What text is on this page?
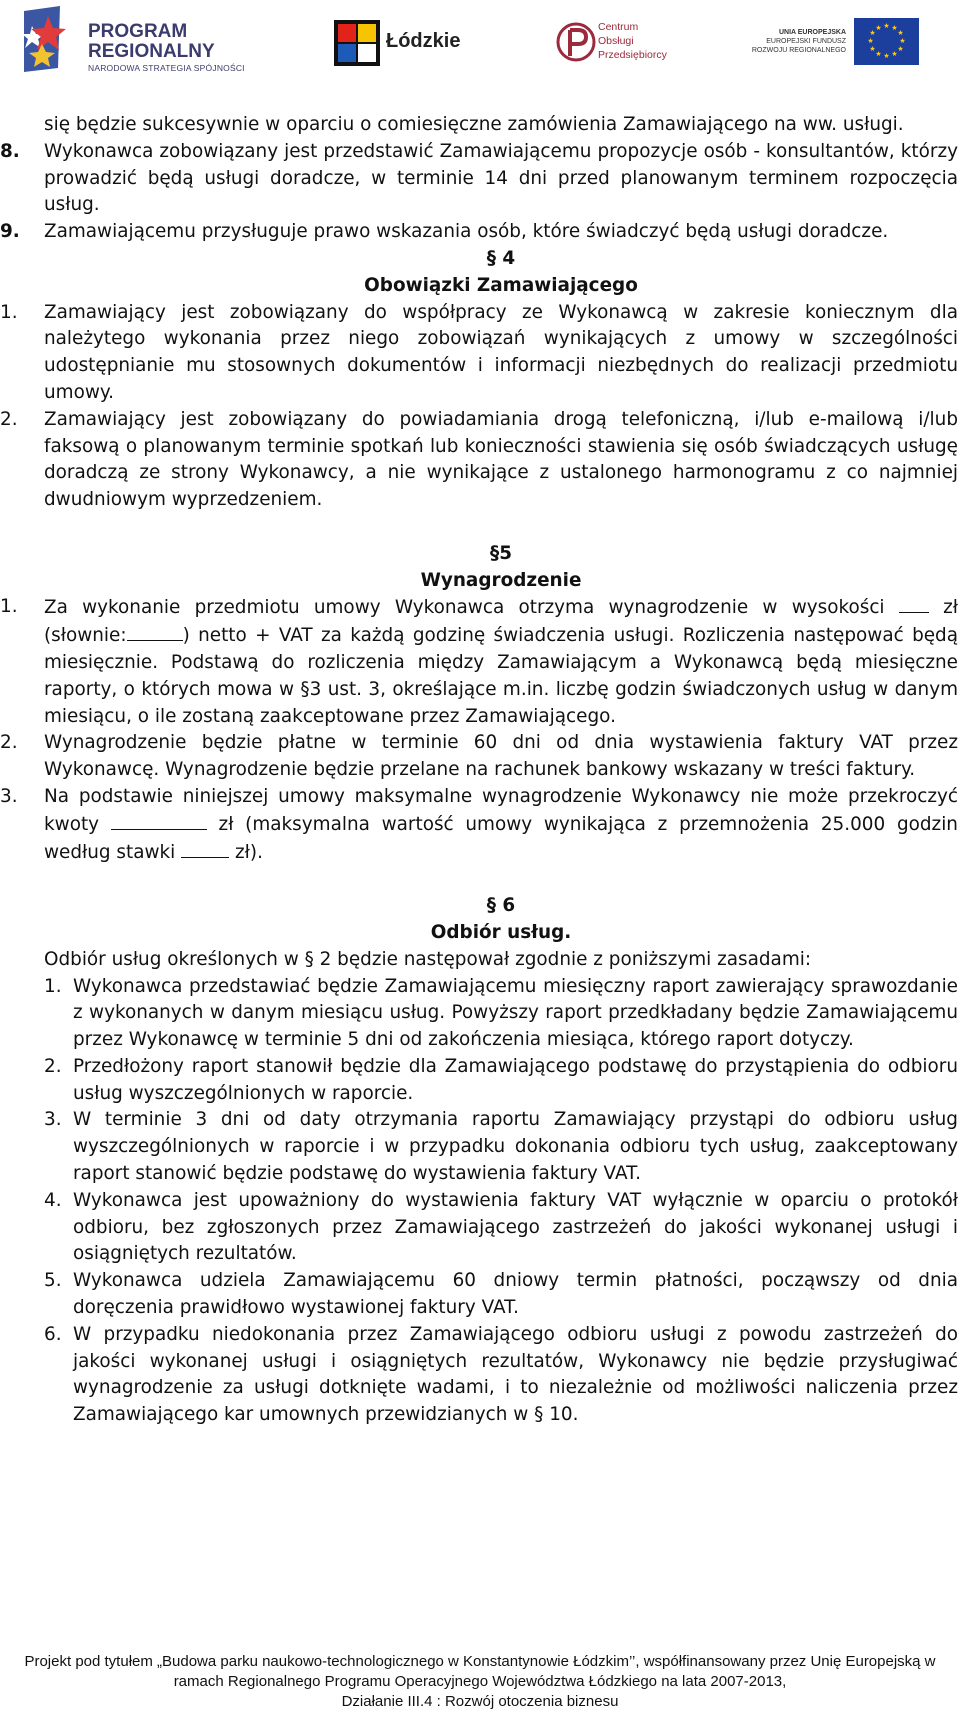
PROGRAM
REGIONALNY
NARODOWA STRATEGIA SPÓJNOŚCI
Łódzkie
Centrum
Obsługi
Przedsiębiorcy
UNIA EUROPEJSKA
EUROPEJSKI FUNDUSZ
ROZWOJU REGIONALNEGO
★ ★
★
★
★
★
★
★
★
★
★
★

się będzie sukcesywnie w oparciu o comiesięczne zamówienia Zamawiającego na ww. usługi.

8. Wykonawca zobowiązany jest przedstawić Zamawiającemu propozycje osób - konsultantów, którzy prowadzić będą usługi doradcze, w terminie 14 dni przed planowanym terminem rozpoczęcia usług.
9. Zamawiającemu przysługuje prawo wskazania osób, które świadczyć będą usługi doradcze.

§ 4

Obowiązki Zamawiającego

1. Zamawiający jest zobowiązany do współpracy ze Wykonawcą w zakresie koniecznym dla należytego wykonania przez niego zobowiązań wynikających z umowy w szczególności udostępnianie mu stosownych dokumentów i informacji niezbędnych do realizacji przedmiotu umowy.
2. Zamawiający jest zobowiązany do powiadamiania drogą telefoniczną, i/lub e-mailową i/lub faksową o planowanym terminie spotkań lub konieczności stawienia się osób świadczących usługę doradczą ze strony Wykonawcy, a nie wynikające z ustalonego harmonogramu z co najmniej dwudniowym wyprzedzeniem.

§5

Wynagrodzenie

1. Za wykonanie przedmiotu umowy Wykonawca otrzyma wynagrodzenie w wysokości	zł (słownie:	) netto + VAT za każdą godzinę świadczenia usługi. Rozliczenia następować będą miesięcznie. Podstawą do rozliczenia między Zamawiającym a Wykonawcą będą miesięczne raporty, o których mowa w §3 ust. 3, określające m.in. liczbę godzin świadczonych usług w danym miesiącu, o ile zostaną zaakceptowane przez Zamawiającego.
2. Wynagrodzenie będzie płatne w terminie 60 dni od dnia wystawienia faktury VAT przez Wykonawcę. Wynagrodzenie będzie przelane na rachunek bankowy wskazany w treści faktury.
3. Na podstawie niniejszej umowy maksymalne wynagrodzenie Wykonawcy nie może przekroczyć kwoty	zł (maksymalna wartość umowy wynikająca z przemnożenia 25.000 godzin według stawki	zł).

§ 6

Odbiór usług.

Odbiór usług określonych w § 2 będzie następował zgodnie z poniższymi zasadami:

1. Wykonawca przedstawiać będzie Zamawiającemu miesięczny raport zawierający sprawozdanie z wykonanych w danym miesiącu usług. Powyższy raport przedkładany będzie Zamawiającemu przez Wykonawcę w terminie 5 dni od zakończenia miesiąca, którego raport dotyczy.
2. Przedłożony raport stanowił będzie dla Zamawiającego podstawę do przystąpienia do odbioru usług wyszczególnionych w raporcie.
3. W terminie 3 dni od daty otrzymania raportu Zamawiający przystąpi do odbioru usług wyszczególnionych w raporcie i w przypadku dokonania odbioru tych usług, zaakceptowany raport stanowić będzie podstawę do wystawienia faktury VAT.
4. Wykonawca jest upoważniony do wystawienia faktury VAT wyłącznie w oparciu o protokół odbioru, bez zgłoszonych przez Zamawiającego zastrzeżeń do jakości wykonanej usługi i osiągniętych rezultatów.
5. Wykonawca udziela Zamawiającemu 60 dniowy termin płatności, począwszy od dnia doręczenia prawidłowo wystawionej faktury VAT.
6. W przypadku niedokonania przez Zamawiającego odbioru usługi z powodu zastrzeżeń do jakości wykonanej usługi i osiągniętych rezultatów, Wykonawcy nie będzie przysługiwać wynagrodzenie za usługi dotknięte wadami, i to niezależnie od możliwości naliczenia przez Zamawiającego kar umownych przewidzianych w § 10.
Projekt pod tytułem „Budowa parku naukowo-technologicznego w Konstantynowie Łódzkim’’, współfinansowany przez Unię Europejską w
ramach Regionalnego Programu Operacyjnego Województwa Łódzkiego na lata 2007-2013,
Działanie III.4 : Rozwój otoczenia biznesu
